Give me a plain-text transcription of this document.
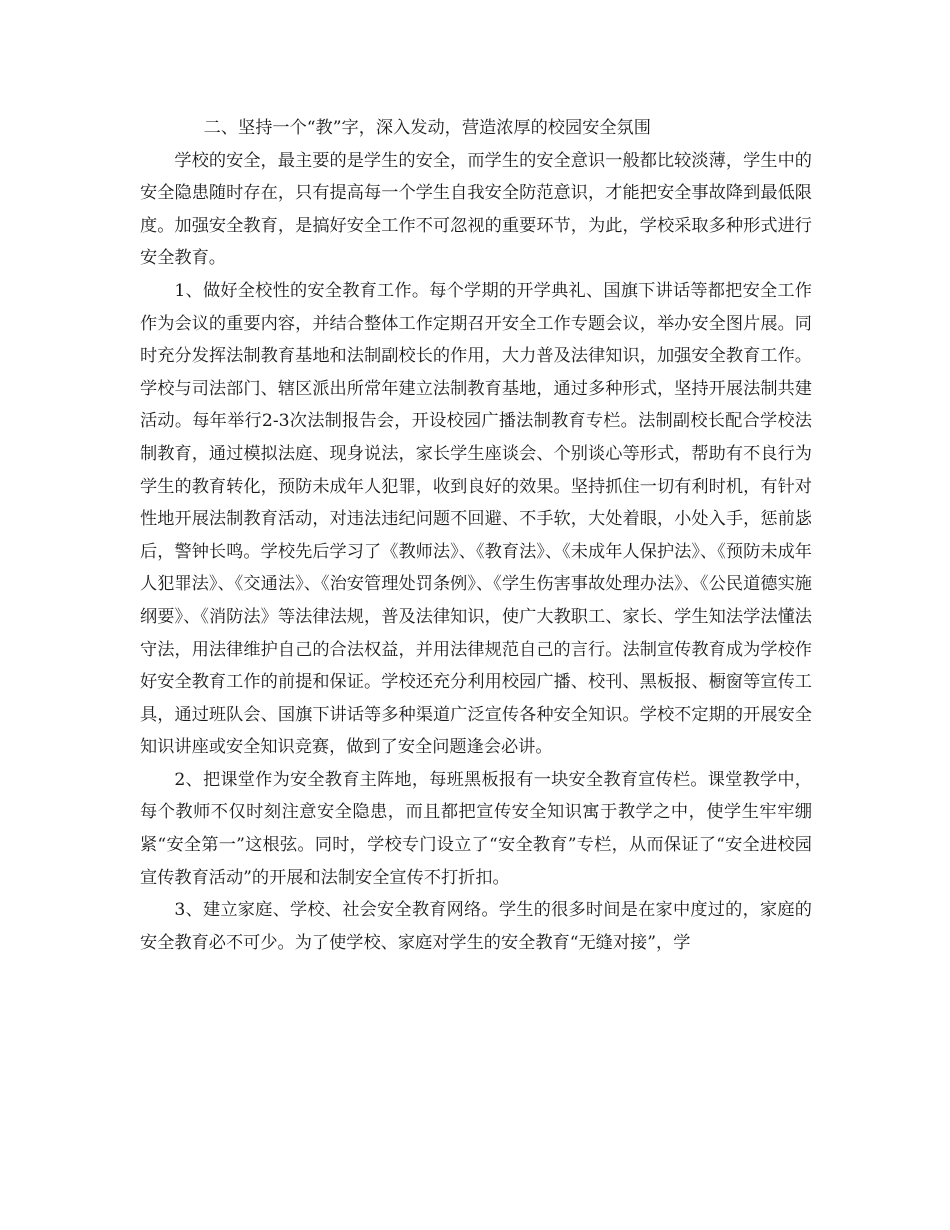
二、坚持一个“教”字，深入发动，营造浓厚的校园安全氛围

学校的安全，最主要的是学生的安全，而学生的安全意识一般都比较淡薄，学生中的安全隐患随时存在，只有提高每一个学生自我安全防范意识，才能把安全事故降到最低限度。加强安全教育，是搞好安全工作不可忽视的重要环节，为此，学校采取多种形式进行安全教育。

1、做好全校性的安全教育工作。每个学期的开学典礼、国旗下讲话等都把安全工作作为会议的重要内容，并结合整体工作定期召开安全工作专题会议，举办安全图片展。同时充分发挥法制教育基地和法制副校长的作用，大力普及法律知识，加强安全教育工作。学校与司法部门、辖区派出所常年建立法制教育基地，通过多种形式，坚持开展法制共建活动。每年举行2-3次法制报告会，开设校园广播法制教育专栏。法制副校长配合学校法制教育，通过模拟法庭、现身说法，家长学生座谈会、个别谈心等形式，帮助有不良行为学生的教育转化，预防未成年人犯罪，收到良好的效果。坚持抓住一切有利时机，有针对性地开展法制教育活动，对违法违纪问题不回避、不手软，大处着眼，小处入手，惩前毖后，警钟长鸣。学校先后学习了《教师法》、《教育法》、《未成年人保护法》、《预防未成年人犯罪法》、《交通法》、《治安管理处罚条例》、《学生伤害事故处理办法》、《公民道德实施纲要》、《消防法》等法律法规，普及法律知识，使广大教职工、家长、学生知法学法懂法守法，用法律维护自己的合法权益，并用法律规范自己的言行。法制宣传教育成为学校作好安全教育工作的前提和保证。学校还充分利用校园广播、校刊、黑板报、橱窗等宣传工具，通过班队会、国旗下讲话等多种渠道广泛宣传各种安全知识。学校不定期的开展安全知识讲座或安全知识竞赛，做到了安全问题逢会必讲。

2、把课堂作为安全教育主阵地，每班黑板报有一块安全教育宣传栏。课堂教学中，每个教师不仅时刻注意安全隐患，而且都把宣传安全知识寓于教学之中，使学生牢牢绷紧“安全第一”这根弦。同时，学校专门设立了“安全教育”专栏，从而保证了“安全进校园宣传教育活动”的开展和法制安全宣传不打折扣。

3、建立家庭、学校、社会安全教育网络。学生的很多时间是在家中度过的，家庭的安全教育必不可少。为了使学校、家庭对学生的安全教育“无缝对接”，学
